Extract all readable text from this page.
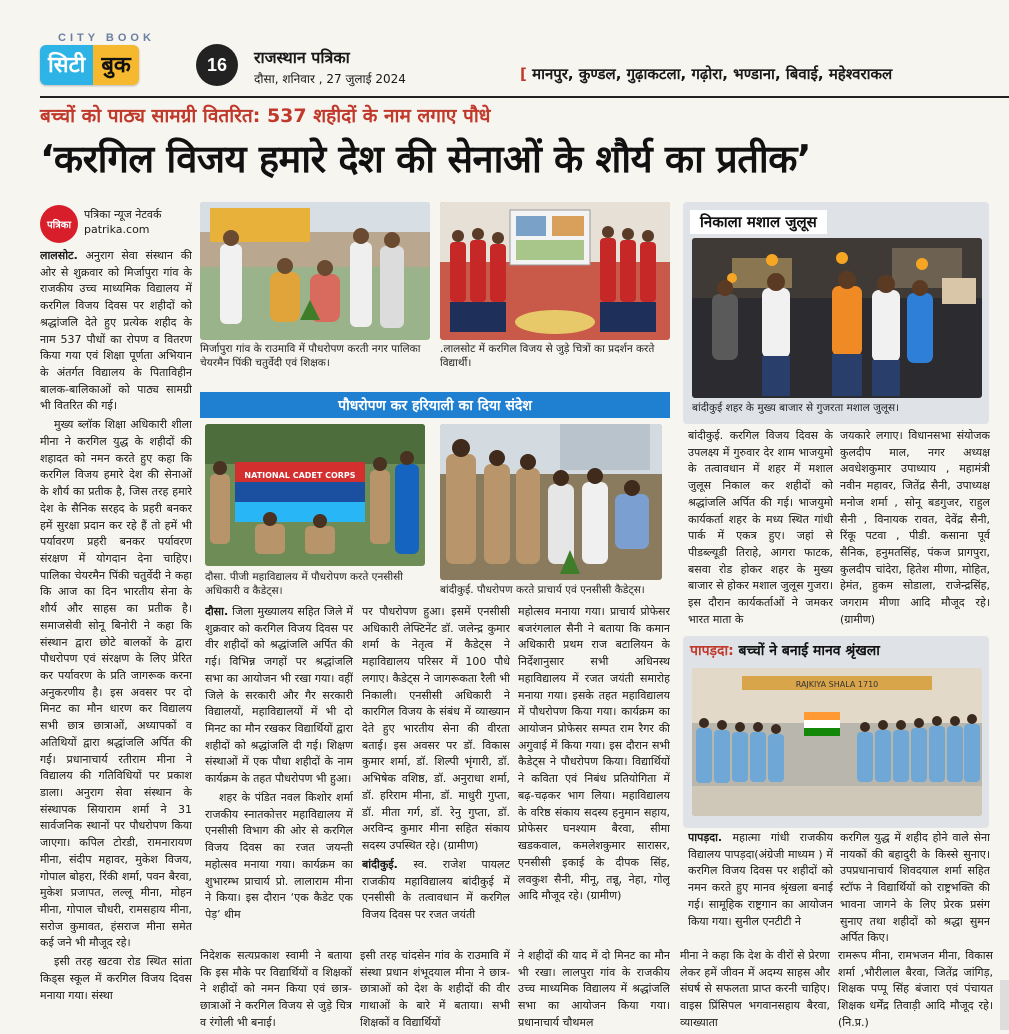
CITY BOOK
सिटी बुक	16	राजस्थान पत्रिका
दौसा, शनिवार , 27 जुलाई 2024	[ मानपुर, कुण्डल, गुढ़ाकटला, गढ़ोरा, भण्डाना, बिवाई, महेश्वराकल
बच्चों को पाठ्य सामग्री वितरित: 537 शहीदों के नाम लगाए पौधे
‘करगिल विजय हमारे देश की सेनाओं के शौर्य का प्रतीक’
पत्रिका
पत्रिका न्यूज नेटवर्क
patrika.com

लालसोट. अनुराग सेवा संस्थान की ओर से शुक्रवार को मिर्जापुरा गांव के राजकीय उच्च माध्यमिक विद्यालय में करगिल विजय दिवस पर शहीदों को श्रद्धांजलि देते हुए प्रत्येक शहीद के नाम 537 पौधों का रोपण व वितरण किया गया एवं शिक्षा पूर्णता अभियान के अंतर्गत विद्यालय के पिताविहीन बालक-बालिकाओं को पाठ्य सामग्री भी वितरित की गई।

मुख्य ब्लॉक शिक्षा अधिकारी शीला मीना ने करगिल युद्ध के शहीदों की शहादत को नमन करते हुए कहा कि करगिल विजय हमारे देश की सेनाओं के शौर्य का प्रतीक है, जिस तरह हमारे देश के सैनिक सरहद के प्रहरी बनकर हमें सुरक्षा प्रदान कर रहे हैं तो हमें भी पर्यावरण प्रहरी बनकर पर्यावरण संरक्षण में योगदान देना चाहिए। पालिका चेयरमैन पिंकी चतुर्वेदी ने कहा कि आज का दिन भारतीय सेना के शौर्य और साहस का प्रतीक है। समाजसेवी सोनू बिनोरी ने कहा कि संस्थान द्वारा छोटे बालकों के द्वारा पौधरोपण एवं संरक्षण के लिए प्रेरित कर पर्यावरण के प्रति जागरूक करना अनुकरणीय है। इस अवसर पर दो मिनट का मौन धारण कर विद्यालय सभी छात्र छात्राओं, अध्यापकों व अतिथियों द्वारा श्रद्धांजलि अर्पित की गई। प्रधानाचार्य रतीराम मीना ने विद्यालय की गतिविधियों पर प्रकाश डाला। अनुराग सेवा संस्थान के संस्थापक सियाराम शर्मा ने 31 सार्वजनिक स्थानों पर पौधरोपण किया जाएगा। कपिल टोरडी, रामनारायण मीना, संदीप महावर, मुकेश विजय, गोपाल बोहरा, रिंकी शर्मा, पवन बैरवा, मुकेश प्रजापत, लल्लू मीना, मोहन मीना, गोपाल चौधरी, रामसहाय मीना, सरोज कुमावत, हंसराज मीना समेत कई जने भी मौजूद रहे।

इसी तरह खटवा रोड स्थित सांता किड्स स्कूल में करगिल विजय दिवस मनाया गया। संस्था

मिर्जापुरा गांव के राउमावि में पौधरोपण करती नगर पालिका चेयरमैन पिंकी चतुर्वेदी एवं शिक्षक।
.लालसोट में करगिल विजय से जुड़े चित्रों का प्रदर्शन करते विद्यार्थी।
पौधरोपण कर हरियाली का दिया संदेश
NATIONAL CADET CORPS
दौसा. पीजी महाविद्यालय में पौधरोपण करते एनसीसी अधिकारी व कैडेट्स।	बांदीकुई. पौधरोपण करते प्राचार्य एवं एनसीसी कैडेट्स।

दौसा. जिला मुख्यालय सहित जिले में शुक्रवार को करगिल विजय दिवस पर वीर शहीदों को श्रद्धांजलि अर्पित की गई। विभिन्न जगहों पर श्रद्धांजलि सभा का आयोजन भी रखा गया। वहीं जिले के सरकारी और गैर सरकारी विद्यालयों, महाविद्यालयों में भी दो मिनट का मौन रखकर विद्यार्थियों द्वारा शहीदों को श्रद्धांजलि दी गई। शिक्षण संस्थाओं में एक पौधा शहीदों के नाम कार्यक्रम के तहत पौधरोपण भी हुआ।

शहर के पंडित नवल किशोर शर्मा राजकीय स्नातकोत्तर महाविद्यालय में एनसीसी विभाग की ओर से करगिल विजय दिवस का रजत जयन्ती महोत्सव मनाया गया। कार्यक्रम का शुभारम्भ प्राचार्य प्रो. लालाराम मीना ने किया। इस दौरान ‘एक कैडेट एक पेड़’ थीम

पर पौधरोपण हुआ। इसमें एनसीसी अधिकारी लेफ्टिनेंट डॉ. जलेन्द्र कुमार शर्मा के नेतृत्व में कैडेट्स ने महाविद्यालय परिसर में 100 पौधे लगाए। कैडेट्स ने जागरूकता रैली भी निकाली। एनसीसी अधिकारी ने कारगिल विजय के संबंध में व्याख्यान देते हुए भारतीय सेना की वीरता बताई। इस अवसर पर डॉ. विकास कुमार शर्मा, डॉ. शिल्पी भृंगारी, डॉ. अभिषेक वशिष्ठ, डॉ. अनुराधा शर्मा, डॉ. हरिराम मीना, डॉ. माधुरी गुप्ता, डॉ. मीता गर्ग, डॉ. रेनु गुप्ता, डॉ. अरविन्द कुमार मीना सहित संकाय सदस्य उपस्थित रहे। (ग्रामीण)

बांदीकुई. स्व. राजेश पायलट राजकीय महाविद्यालय बांदीकुई में एनसीसी के तत्वावधान में करगिल विजय दिवस पर रजत जयंती

महोत्सव मनाया गया। प्राचार्य प्रोफेसर बजरंगलाल सैनी ने बताया कि कमान अधिकारी प्रथम राज बटालियन के निर्देशानुसार सभी अधिनस्थ महाविद्यालय में रजत जयंती समारोह मनाया गया। इसके तहत महाविद्यालय में पौधरोपण किया गया। कार्यक्रम का आयोजन प्रोफेसर सम्पत राम रैगर की अगुवाई में किया गया। इस दौरान सभी कैडेट्स ने पौधरोपण किया। विद्यार्थियों ने कविता एवं निबंध प्रतियोगिता में बढ़-चढ़कर भाग लिया। महाविद्यालय के वरिष्ठ संकाय सदस्य हनुमान सहाय, प्रोफेसर घनश्याम बैरवा, सीमा खडकवाल, कमलेशकुमार सारासर, एनसीसी इकाई के दीपक सिंह, लवकुश सैनी, मीनू, तन्नू, नेहा, गोलू आदि मौजूद रहे। (ग्रामीण)

निदेशक सत्यप्रकाश स्वामी ने बताया कि इस मौके पर विद्यार्थियों व शिक्षकों ने शहीदों को नमन किया एवं छात्र-छात्राओं ने करगिल विजय से जुड़े चित्र व रंगोली भी बनाई।
इसी तरह चांदसेन गांव के राउमावि में संस्था प्रधान शंभूदयाल मीना ने छात्र-छात्राओं को देश के शहीदों की वीर गाथाओं के बारे में बताया। सभी शिक्षकों व विद्यार्थियों
ने शहीदों की याद में दो मिनट का मौन भी रखा। लालपुरा गांव के राजकीय उच्च माध्यमिक विद्यालय में श्रद्धांजलि सभा का आयोजन किया गया। प्रधानाचार्य चौथमल
मीना ने कहा कि देश के वीरों से प्रेरणा लेकर हमें जीवन में अदम्य साहस और संघर्ष से सफलता प्राप्त करनी चाहिए। वाइस प्रिंसिपल भगवानसहाय बैरवा, व्याख्याता
रामरूप मीना, रामभजन मीना, विकास शर्मा ,भौरीलाल बैरवा, जितेंद्र जांगिड़, शिक्षक पप्पू सिंह बंजारा एवं पंचायत शिक्षक धर्मेंद्र तिवाड़ी आदि मौजूद रहे। (नि.प्र.)
निकाला मशाल जुलूस
बांदीकुई शहर के मुख्य बाजार से गुजरता मशाल जुलूस।
बांदीकुई. करगिल विजय दिवस के उपलक्ष्य में गुरुवार देर शाम भाजयुमो के तत्वावधान में शहर में मशाल जुलूस निकाल कर शहीदों को श्रद्धांजलि अर्पित की गई। भाजयुमो कार्यकर्ता शहर के मध्य स्थित गांधी पार्क में एकत्र हुए। जहां से पीडब्ल्यूडी तिराहे, आगरा फाटक, बसवा रोड होकर शहर के मुख्य बाजार से होकर मशाल जुलूस गुजरा। इस दौरान कार्यकर्ताओं ने जमकर भारत माता के
जयकारे लगाए। विधानसभा संयोजक कुलदीप माल, नगर अध्यक्ष अवधेशकुमार उपाध्याय , महामंत्री नवीन महावर, जितेंद्र सैनी, उपाध्यक्ष मनोज शर्मा , सोनू बडगुजर, राहुल सैनी , विनायक रावत, देवेंद्र सैनी, रिंकू पटवा , पीडी. कसाना पूर्व सैनिक, हनुमतसिंह, पंकज प्रागपुरा, कुलदीप चांदेरा, हितेश मीणा, मोहित, हेमंत, हुकम सोडाला, राजेन्द्रसिंह, जगराम मीणा आदि मौजूद रहे। (ग्रामीण)
पापड़दा: बच्चों ने बनाई मानव श्रृंखला
RAJKIYA SHALA 1710
पापड़दा. महात्मा गांधी राजकीय विद्यालय पापड़दा(अंग्रेजी माध्यम ) में करगिल विजय दिवस पर शहीदों को नमन करते हुए मानव श्रृंखला बनाई गई। सामूहिक राष्ट्रगान का आयोजन किया गया। सुनील एनटीटी ने
करगिल युद्ध में शहीद होने वाले सेना नायकों की बहादुरी के किस्से सुनाए। उपप्रधानाचार्य शिवदयाल शर्मा सहित स्टॉफ ने विद्यार्थियों को राष्ट्रभक्ति की भावना जागने के लिए प्रेरक प्रसंग सुनाए तथा शहीदों को श्रद्धा सुमन अर्पित किए।
